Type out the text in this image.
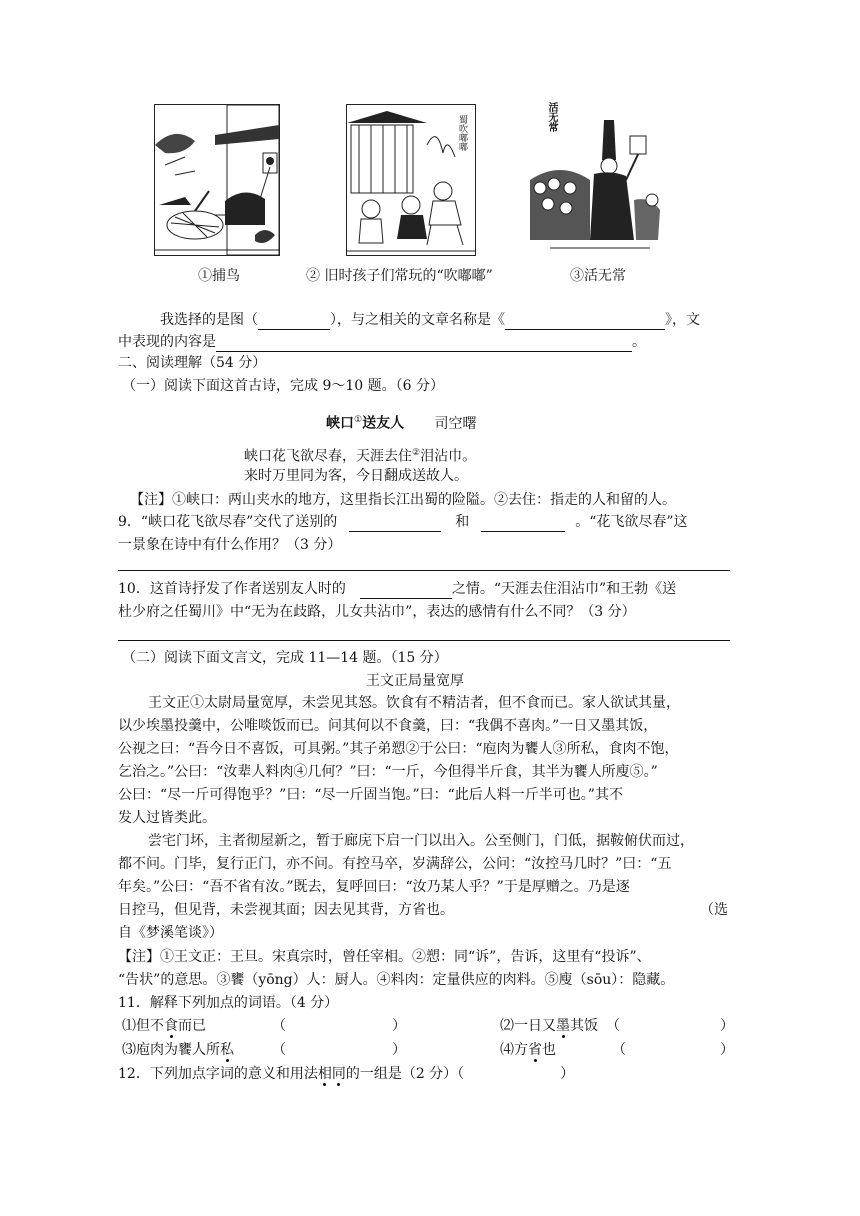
蜀吹嘟嘟	活无常
①捕鸟	② 旧时孩子们常玩的“吹嘟嘟”	③活无常
我选择的是图（	），与之相关的文章名称是《	》，文
中表现的内容是	。
二、阅读理解（54 分）
（一）阅读下面这首古诗，完成 9～10 题。（6 分）
峡口①送友人 司空曙
峡口花飞欲尽春，天涯去住②泪沾巾。
来时万里同为客，今日翻成送故人。
【注】①峡口：两山夹水的地方，这里指长江出蜀的险隘。②去住：指走的人和留的人。
9．“峡口花飞欲尽春”交代了送别的	和	。“花飞欲尽春”这
一景象在诗中有什么作用？（3 分）
10．这首诗抒发了作者送别友人时的	之情。“天涯去住泪沾巾”和王勃《送
杜少府之任蜀川》中“无为在歧路，儿女共沾巾”，表达的感情有什么不同？（3 分）
（二）阅读下面文言文，完成 11—14 题。（15 分）
王文正局量宽厚
王文正①太尉局量宽厚，未尝见其怒。饮食有不精洁者，但不食而已。家人欲试其量，
以少埃墨投羹中，公唯啖饭而已。问其何以不食羹，曰：“我偶不喜肉。”一日又墨其饭，
公视之曰：“吾今日不喜饭，可具粥。”其子弟愬②于公曰：“庖肉为饔人③所私，食肉不饱，
乞治之。”公曰：“汝辈人料肉④几何？”曰：“一斤，今但得半斤食，其半为饔人所廋⑤。”
公曰：“尽一斤可得饱乎？”曰：“尽一斤固当饱。”曰：“此后人料一斤半可也。”其不
发人过皆类此。
尝宅门坏，主者彻屋新之，暂于廊庑下启一门以出入。公至侧门，门低，据鞍俯伏而过，
都不问。门毕，复行正门，亦不问。有控马卒，岁满辞公，公问：“汝控马几时？”曰：“五
年矣。”公曰：“吾不省有汝。”既去，复呼回曰：“汝乃某人乎？”于是厚赠之。乃是逐
日控马，但见背，未尝视其面；因去见其背，方省也。	（选
自《梦溪笔谈》）
【注】①王文正：王旦。宋真宗时，曾任宰相。②愬：同“诉”，告诉，这里有“投诉”、
“告状”的意思。③饔（yōng）人：厨人。④料肉：定量供应的肉料。⑤廋（sōu）：隐藏。
11．解释下列加点的词语。（4 分）
⑴但不食而已	（	）	⑵一日又墨其饭 （	）
⑶庖肉为饔人所私	（	）	⑷方省也	（	）
12．下列加点字词的意义和用法相同的一组是（2 分）（	）
